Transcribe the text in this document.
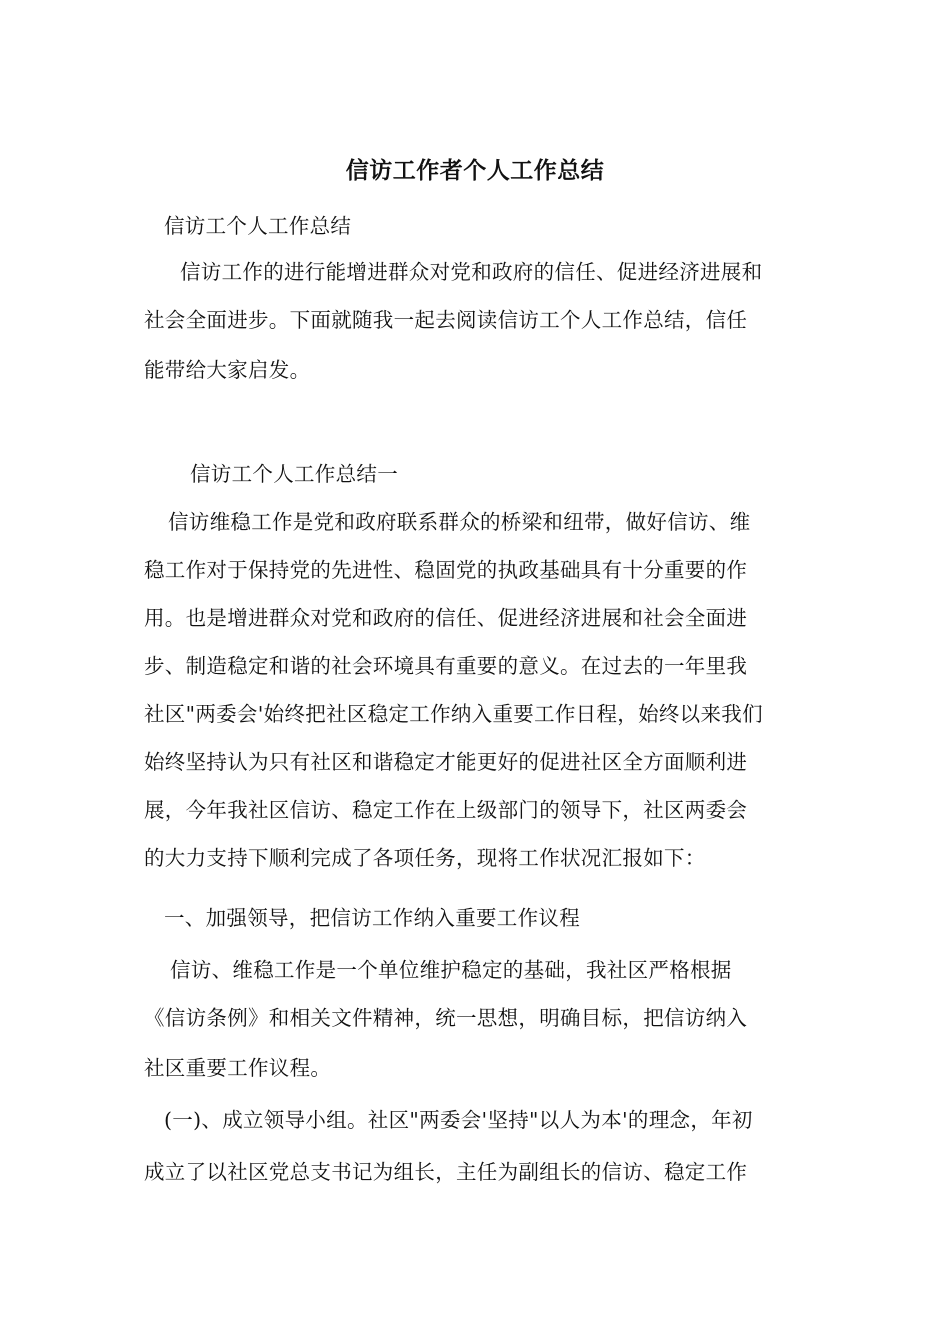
信访工作者个人工作总结
信访工个人工作总结
信访工作的进行能增进群众对党和政府的信任、促进经济进展和
社会全面进步。下面就随我一起去阅读信访工个人工作总结，信任
能带给大家启发。
信访工个人工作总结一
信访维稳工作是党和政府联系群众的桥梁和纽带，做好信访、维
稳工作对于保持党的先进性、稳固党的执政基础具有十分重要的作
用。也是增进群众对党和政府的信任、促进经济进展和社会全面进
步、制造稳定和谐的社会环境具有重要的意义。在过去的一年里我
社区"两委会'始终把社区稳定工作纳入重要工作日程，始终以来我们
始终坚持认为只有社区和谐稳定才能更好的促进社区全方面顺利进
展，今年我社区信访、稳定工作在上级部门的领导下，社区两委会
的大力支持下顺利完成了各项任务，现将工作状况汇报如下：
一、加强领导，把信访工作纳入重要工作议程
信访、维稳工作是一个单位维护稳定的基础，我社区严格根据
《信访条例》和相关文件精神，统一思想，明确目标，把信访纳入
社区重要工作议程。
(一)、成立领导小组。社区"两委会'坚持"以人为本'的理念，年初
成立了以社区党总支书记为组长，主任为副组长的信访、稳定工作
